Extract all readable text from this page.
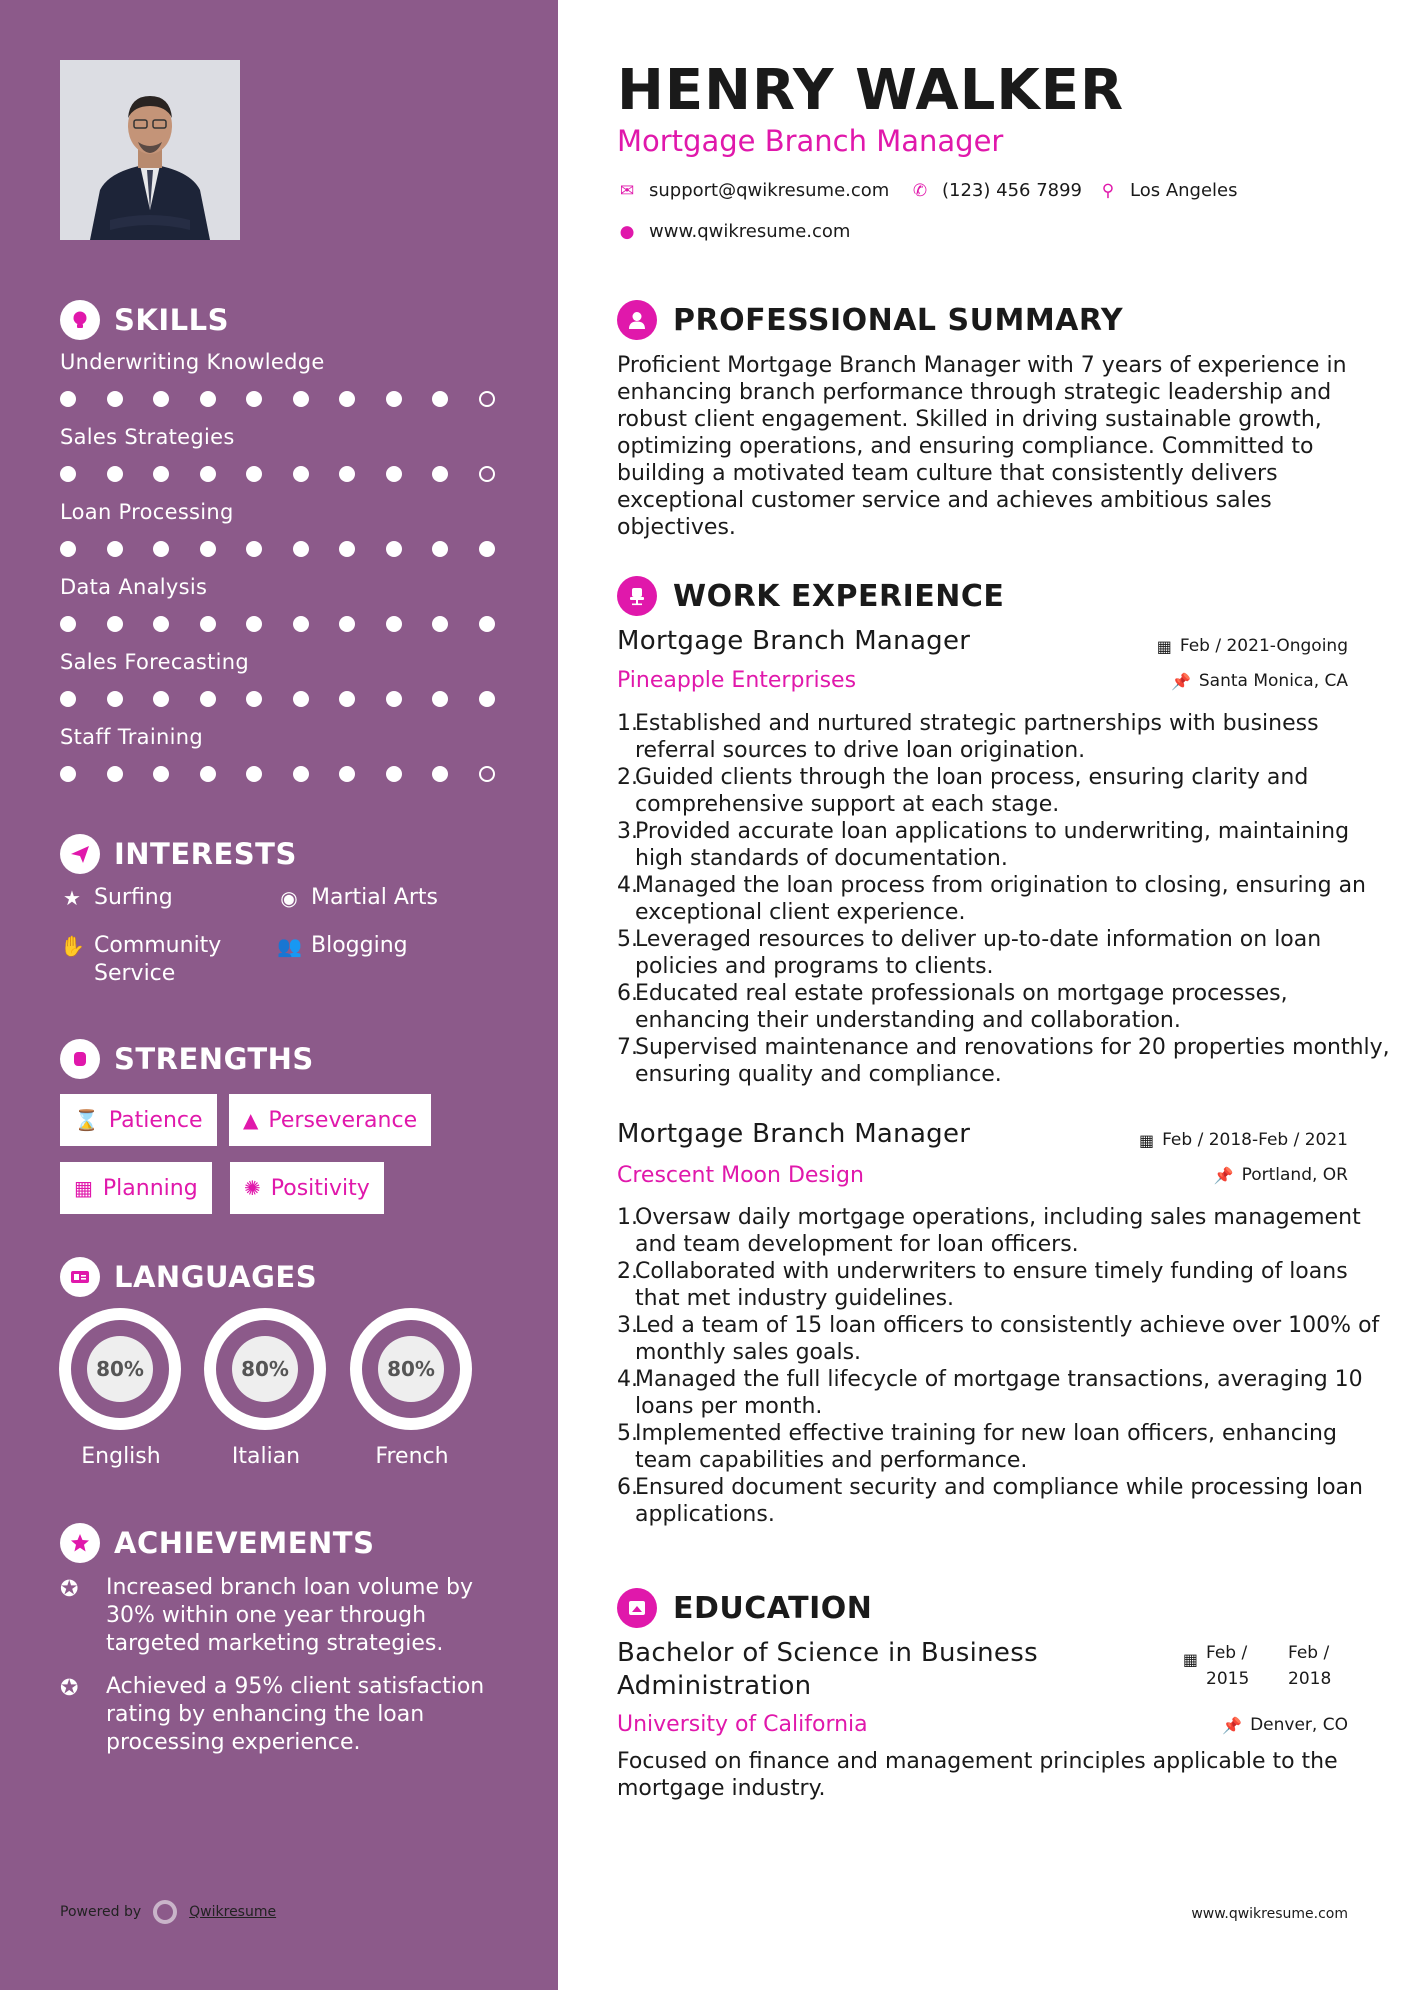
SKILLS
Underwriting Knowledge
Sales Strategies
Loan Processing
Data Analysis
Sales Forecasting
Staff Training
INTERESTS
★ Surfing	◉ Martial Arts
✋ Community Service
👥 Blogging
STRENGTHS
⌛ Patience ▲ Perseverance
▦ Planning ✺ Positivity
LANGUAGES
80%
English
80%
Italian
80%
French
ACHIEVEMENTS
✪	Increased branch loan volume by 30% within one year through targeted marketing strategies.
✪	Achieved a 95% client satisfaction rating by enhancing the loan processing experience.
Powered by	Qwikresume
HENRY WALKER
Mortgage Branch Manager
✉ support@qwikresume.com ✆ (123) 456 7899 ⚲ Los Angeles
● www.qwikresume.com
PROFESSIONAL SUMMARY
Proficient Mortgage Branch Manager with 7 years of experience in enhancing branch performance through strategic leadership and robust client engagement. Skilled in driving sustainable growth, optimizing operations, and ensuring compliance. Committed to building a motivated team culture that consistently delivers exceptional customer service and achieves ambitious sales objectives.
WORK EXPERIENCE
Mortgage Branch Manager	▦ Feb / 2021-Ongoing
Pineapple Enterprises	📌 Santa Monica, CA
Established and nurtured strategic partnerships with business referral sources to drive loan origination.
Guided clients through the loan process, ensuring clarity and comprehensive support at each stage.
Provided accurate loan applications to underwriting, maintaining high standards of documentation.
Managed the loan process from origination to closing, ensuring an exceptional client experience.
Leveraged resources to deliver up-to-date information on loan policies and programs to clients.
Educated real estate professionals on mortgage processes, enhancing their understanding and collaboration.
Supervised maintenance and renovations for 20 properties monthly, ensuring quality and compliance.
Mortgage Branch Manager	▦ Feb / 2018-Feb / 2021
Crescent Moon Design	📌 Portland, OR
Oversaw daily mortgage operations, including sales management and team development for loan officers.
Collaborated with underwriters to ensure timely funding of loans that met industry guidelines.
Led a team of 15 loan officers to consistently achieve over 100% of monthly sales goals.
Managed the full lifecycle of mortgage transactions, averaging 10 loans per month.
Implemented effective training for new loan officers, enhancing team capabilities and performance.
Ensured document security and compliance while processing loan applications.
EDUCATION
Bachelor of Science in Business Administration
▦ Feb / 2015
Feb / 2018
University of California	📌 Denver, CO
Focused on finance and management principles applicable to the mortgage industry.
www.qwikresume.com
